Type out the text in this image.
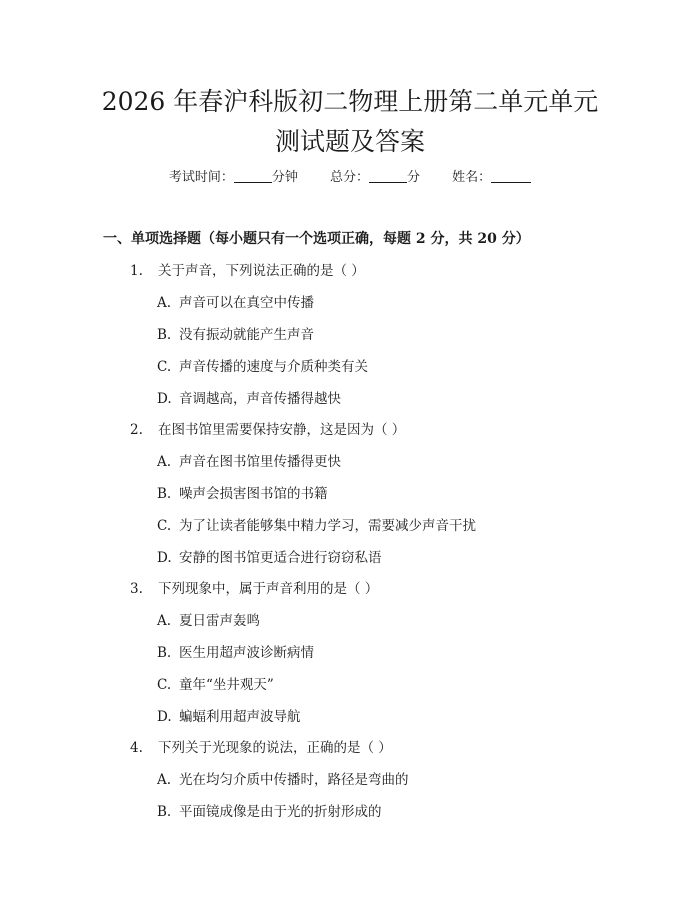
2026 年春沪科版初二物理上册第二单元单元
测试题及答案
考试时间：	分钟 总分：	分 姓名：
一、单项选择题（每小题只有一个选项正确，每题 2 分，共 20 分）
1. 关于声音，下列说法正确的是（ ）
A. 声音可以在真空中传播
B. 没有振动就能产生声音
C. 声音传播的速度与介质种类有关
D. 音调越高，声音传播得越快
2. 在图书馆里需要保持安静，这是因为（ ）
A. 声音在图书馆里传播得更快
B. 噪声会损害图书馆的书籍
C. 为了让读者能够集中精力学习，需要减少声音干扰
D. 安静的图书馆更适合进行窃窃私语
3. 下列现象中，属于声音利用的是（ ）
A. 夏日雷声轰鸣
B. 医生用超声波诊断病情
C. 童年“坐井观天”
D. 蝙蝠利用超声波导航
4. 下列关于光现象的说法，正确的是（ ）
A. 光在均匀介质中传播时，路径是弯曲的
B. 平面镜成像是由于光的折射形成的
